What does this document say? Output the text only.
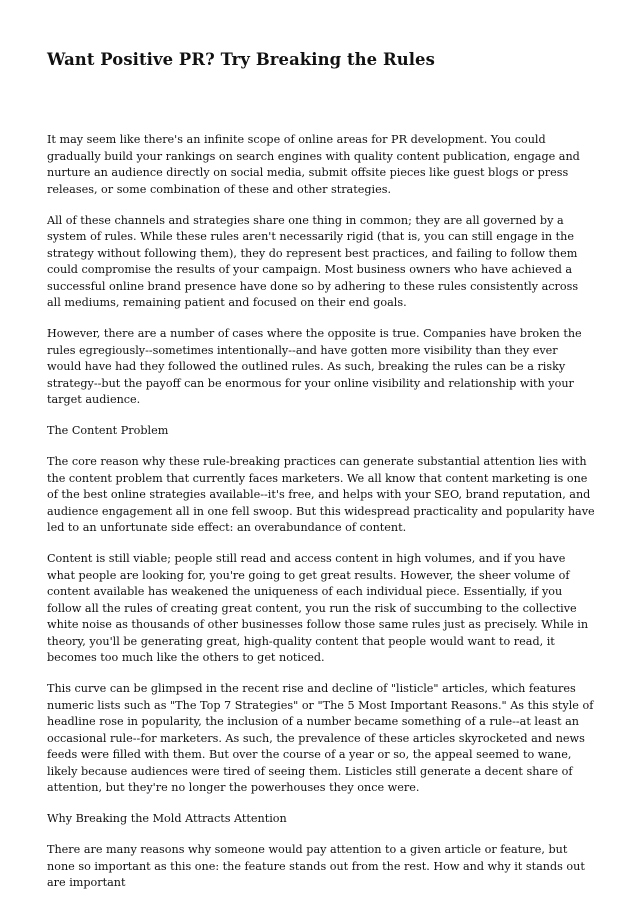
Want Positive PR? Try Breaking the Rules

It may seem like there's an infinite scope of online areas for PR development. You could gradually build your rankings on search engines with quality content publication, engage and nurture an audience directly on social media, submit offsite pieces like guest blogs or press releases, or some combination of these and other strategies.

All of these channels and strategies share one thing in common; they are all governed by a system of rules. While these rules aren't necessarily rigid (that is, you can still engage in the strategy without following them), they do represent best practices, and failing to follow them could compromise the results of your campaign. Most business owners who have achieved a successful online brand presence have done so by adhering to these rules consistently across all mediums, remaining patient and focused on their end goals.

However, there are a number of cases where the opposite is true. Companies have broken the rules egregiously--sometimes intentionally--and have gotten more visibility than they ever would have had they followed the outlined rules. As such, breaking the rules can be a risky strategy--but the payoff can be enormous for your online visibility and relationship with your target audience.

The Content Problem

The core reason why these rule-breaking practices can generate substantial attention lies with the content problem that currently faces marketers. We all know that content marketing is one of the best online strategies available--it's free, and helps with your SEO, brand reputation, and audience engagement all in one fell swoop. But this widespread practicality and popularity have led to an unfortunate side effect: an overabundance of content.

Content is still viable; people still read and access content in high volumes, and if you have what people are looking for, you're going to get great results. However, the sheer volume of content available has weakened the uniqueness of each individual piece. Essentially, if you follow all the rules of creating great content, you run the risk of succumbing to the collective white noise as thousands of other businesses follow those same rules just as precisely. While in theory, you'll be generating great, high-quality content that people would want to read, it becomes too much like the others to get noticed.

This curve can be glimpsed in the recent rise and decline of "listicle" articles, which features numeric lists such as "The Top 7 Strategies" or "The 5 Most Important Reasons." As this style of headline rose in popularity, the inclusion of a number became something of a rule--at least an occasional rule--for marketers. As such, the prevalence of these articles skyrocketed and news feeds were filled with them. But over the course of a year or so, the appeal seemed to wane, likely because audiences were tired of seeing them. Listicles still generate a decent share of attention, but they're no longer the powerhouses they once were.

Why Breaking the Mold Attracts Attention

There are many reasons why someone would pay attention to a given article or feature, but none so important as this one: the feature stands out from the rest. How and why it stands out are important
